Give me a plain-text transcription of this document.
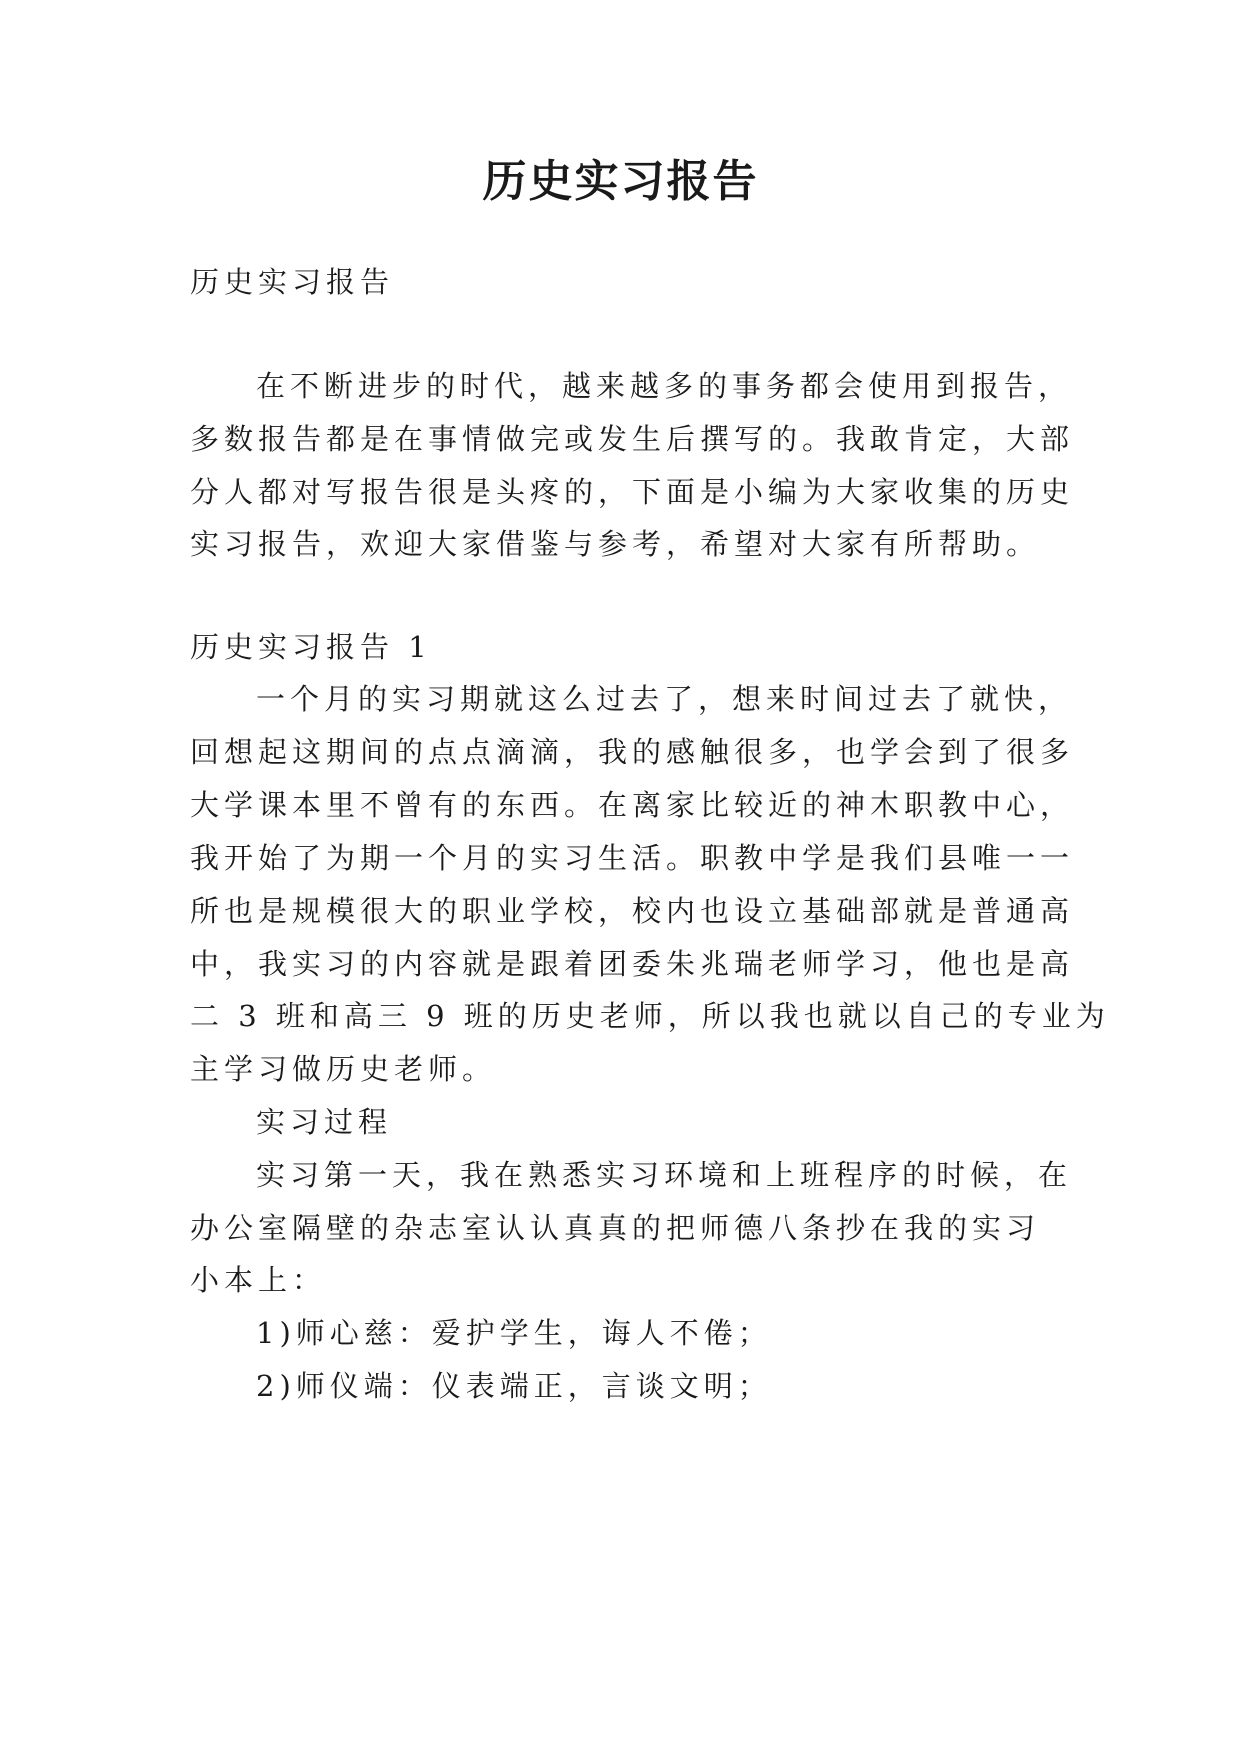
历史实习报告

历史实习报告

在不断进步的时代，越来越多的事务都会使用到报告，

多数报告都是在事情做完或发生后撰写的。我敢肯定，大部

分人都对写报告很是头疼的，下面是小编为大家收集的历史

实习报告，欢迎大家借鉴与参考，希望对大家有所帮助。

历史实习报告 1

一个月的实习期就这么过去了，想来时间过去了就快，

回想起这期间的点点滴滴，我的感触很多，也学会到了很多

大学课本里不曾有的东西。在离家比较近的神木职教中心，

我开始了为期一个月的实习生活。职教中学是我们县唯一一

所也是规模很大的职业学校，校内也设立基础部就是普通高

中，我实习的内容就是跟着团委朱兆瑞老师学习，他也是高

二 3 班和高三 9 班的历史老师，所以我也就以自己的专业为

主学习做历史老师。

实习过程

实习第一天，我在熟悉实习环境和上班程序的时候，在

办公室隔壁的杂志室认认真真的把师德八条抄在我的实习

小本上：

1)师心慈：爱护学生，诲人不倦；

2)师仪端：仪表端正，言谈文明；
